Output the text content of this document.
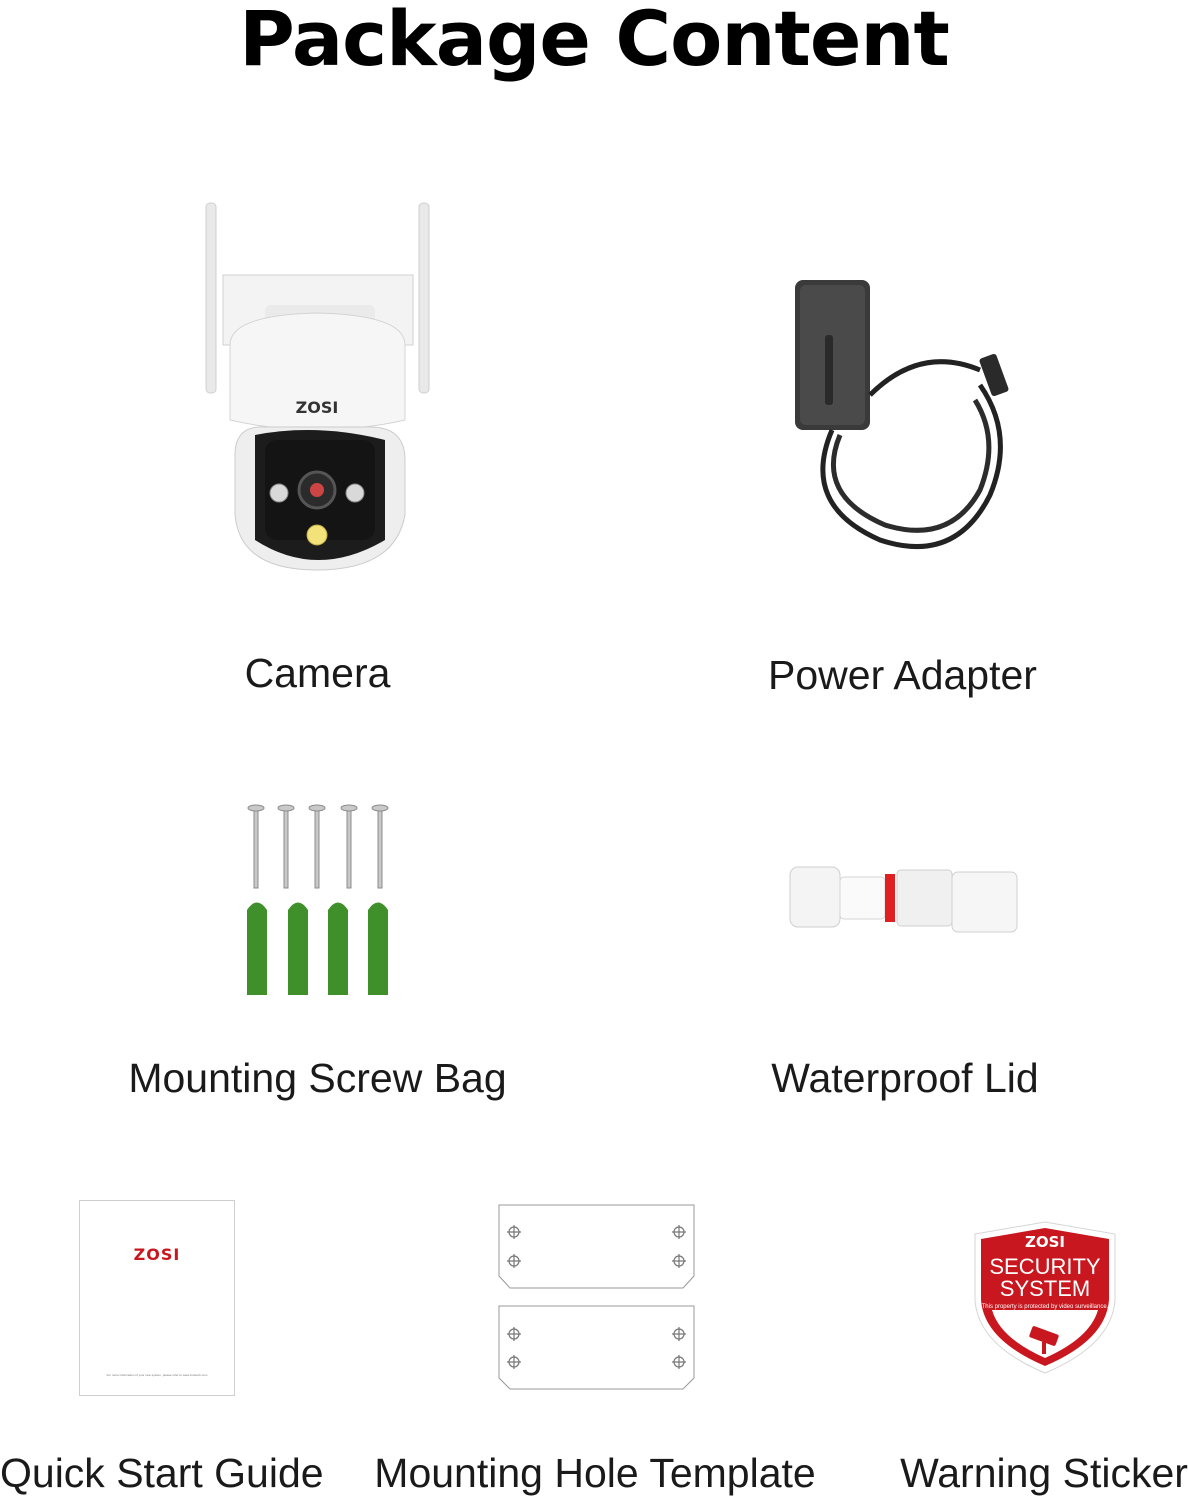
Package Content
ZOSI
Camera	Power Adapter
Mounting Screw Bag	Waterproof Lid
ZOSI
For more information of your new system, please refer to www.zositech.com
Quick Start Guide	Mounting Hole Template
ZOSI
SECURITY
SYSTEM
This property is protected by video surveillance.
Warning Sticker
